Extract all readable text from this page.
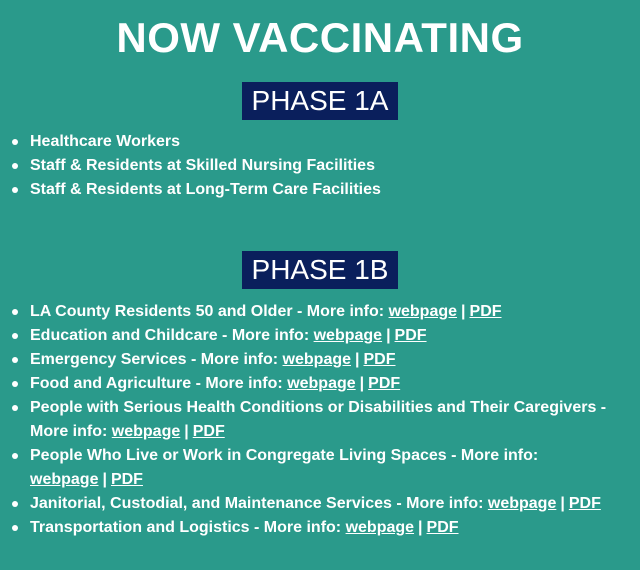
NOW VACCINATING
PHASE 1A
Healthcare Workers
Staff & Residents at Skilled Nursing Facilities
Staff & Residents at Long-Term Care Facilities
PHASE 1B
LA County Residents 50 and Older - More info: webpage | PDF
Education and Childcare - More info: webpage | PDF
Emergency Services - More info: webpage | PDF
Food and Agriculture - More info: webpage | PDF
People with Serious Health Conditions or Disabilities and Their Caregivers - More info: webpage | PDF
People Who Live or Work in Congregate Living Spaces - More info: webpage | PDF
Janitorial, Custodial, and Maintenance Services - More info: webpage | PDF
Transportation and Logistics - More info: webpage | PDF
